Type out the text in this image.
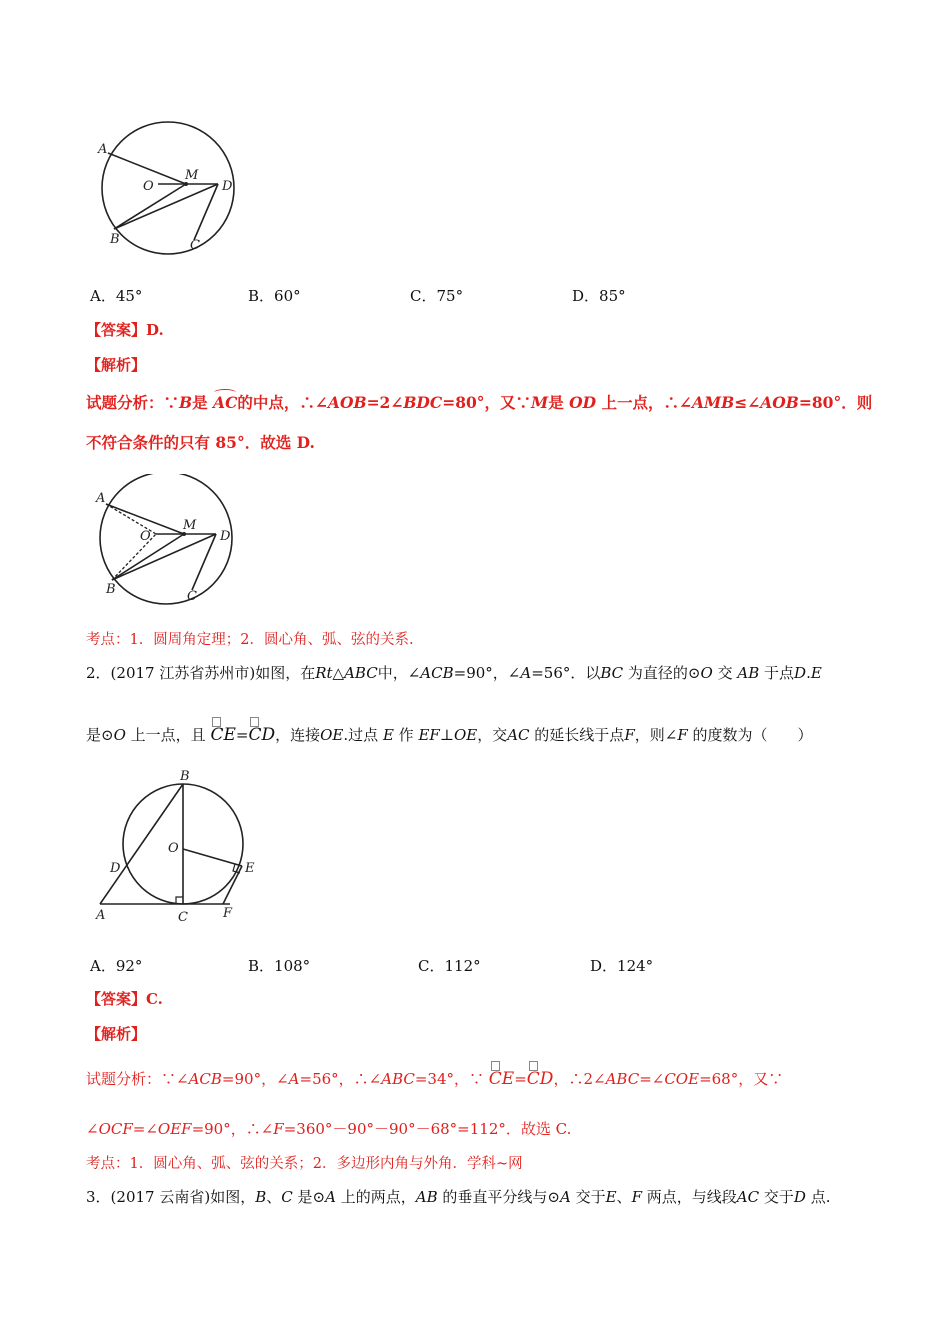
A
O
M
D
B	C
A．45°	B．60°	C．75°	D．85°
【答案】D.
【解析】
试题分析：∵B是 AC的中点，∴∠AOB=2∠BDC=80°，又∵M是 OD 上一点，∴∠AMB≤∠AOB=80°．则
不符合条件的只有 85°．故选 D.
A
O
M
D
B	C
考点：1．圆周角定理；2．圆心角、弧、弦的关系.
2．(2017 江苏省苏州市)如图，在Rt△ABC中，∠ACB=90°，∠A=56°．以BC 为直径的⊙O 交 AB 于点D.E
是⊙O 上一点，且 CE=
CD，连接OE.过点 E 作 EF⊥OE，交AC 的延长线于点F，则∠F 的度数为（　　）
B
O
D	E
A	C	F
A．92°	B．108°	C．112°	D．124°
【答案】C.
【解析】
试题分析：∵∠ACB=90°，∠A=56°，∴∠ABC=34°，∵ CE=
CD，∴2∠ABC=∠COE=68°，又∵
∠OCF=∠OEF=90°，∴∠F=360°－90°－90°－68°=112°．故选 C.
考点：1．圆心角、弧、弦的关系；2．多边形内角与外角．学科~网
3．(2017 云南省)如图，B、C 是⊙A 上的两点，AB 的垂直平分线与⊙A 交于E、F 两点，与线段AC 交于D 点.
